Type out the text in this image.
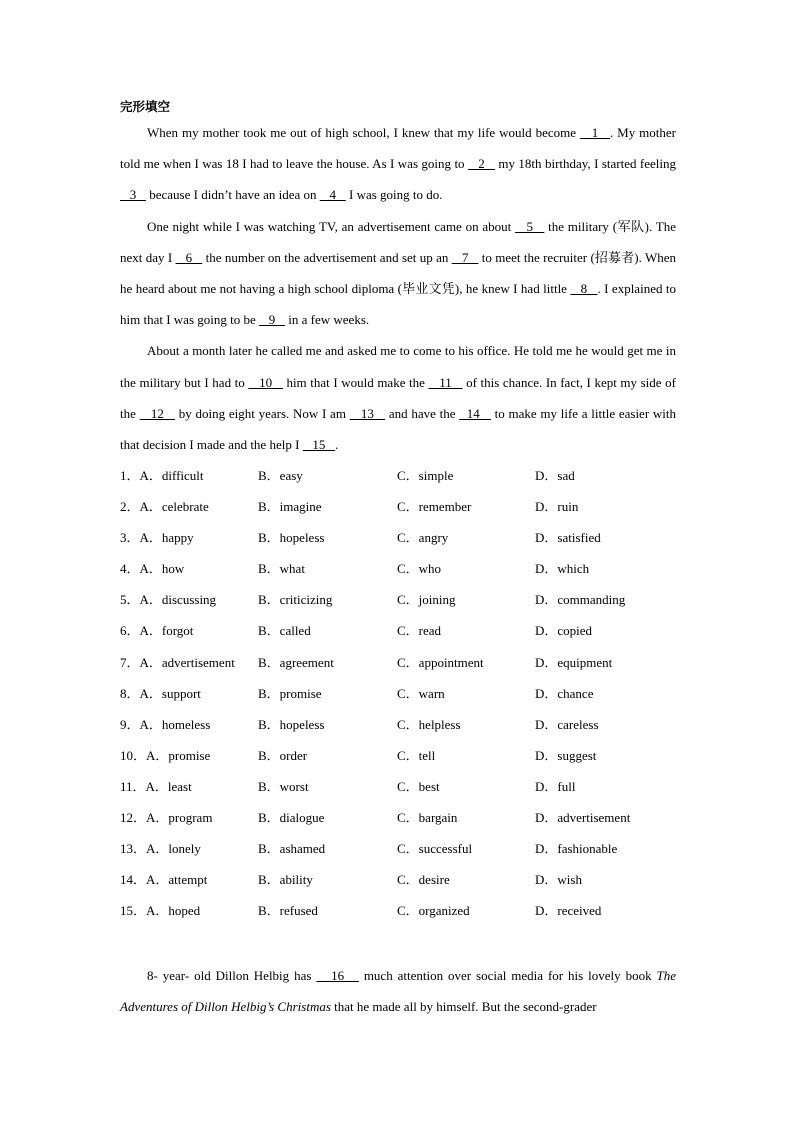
完形填空

When my mother took me out of high school, I knew that my life would become    1   . My mother told me when I was 18 I had to leave the house. As I was going to    2    my 18th birthday, I started feeling    3    because I didn’t have an idea on    4    I was going to do.

One night while I was watching TV, an advertisement came on about    5    the military (军队). The next day I    6    the number on the advertisement and set up an    7    to meet the recruiter (招募者). When he heard about me not having a high school diploma (毕业文凭), he knew I had little    8   . I explained to him that I was going to be    9    in a few weeks.

About a month later he called me and asked me to come to his office. He told me he would get me in the military but I had to    10    him that I would make the    11    of this chance. In fact, I kept my side of the    12    by doing eight years. Now I am    13    and have the   14    to make my life a little easier with that decision I made and the help I    15   .

1．A．difficult	B．easy	C．simple	D．sad
2．A．celebrate	B．imagine	C．remember	D．ruin
3．A．happy	B．hopeless	C．angry	D．satisfied
4．A．how	B．what	C．who	D．which
5．A．discussing	B．criticizing	C．joining	D．commanding
6．A．forgot	B．called	C．read	D．copied
7．A．advertisement B．agreement	C．appointment	D．equipment
8．A．support	B．promise	C．warn	D．chance
9．A．homeless	B．hopeless	C．helpless	D．careless
10．A．promise	B．order	C．tell	D．suggest
11．A．least	B．worst	C．best	D．full
12．A．program	B．dialogue	C．bargain	D．advertisement
13．A．lonely	B．ashamed	C．successful	D．fashionable
14．A．attempt	B．ability	C．desire	D．wish
15．A．hoped	B．refused	C．organized	D．received

8- year- old Dillon Helbig has    16    much attention over social media for his lovely book The Adventures of Dillon Helbig’s Christmas that he made all by himself. But the second-grader
